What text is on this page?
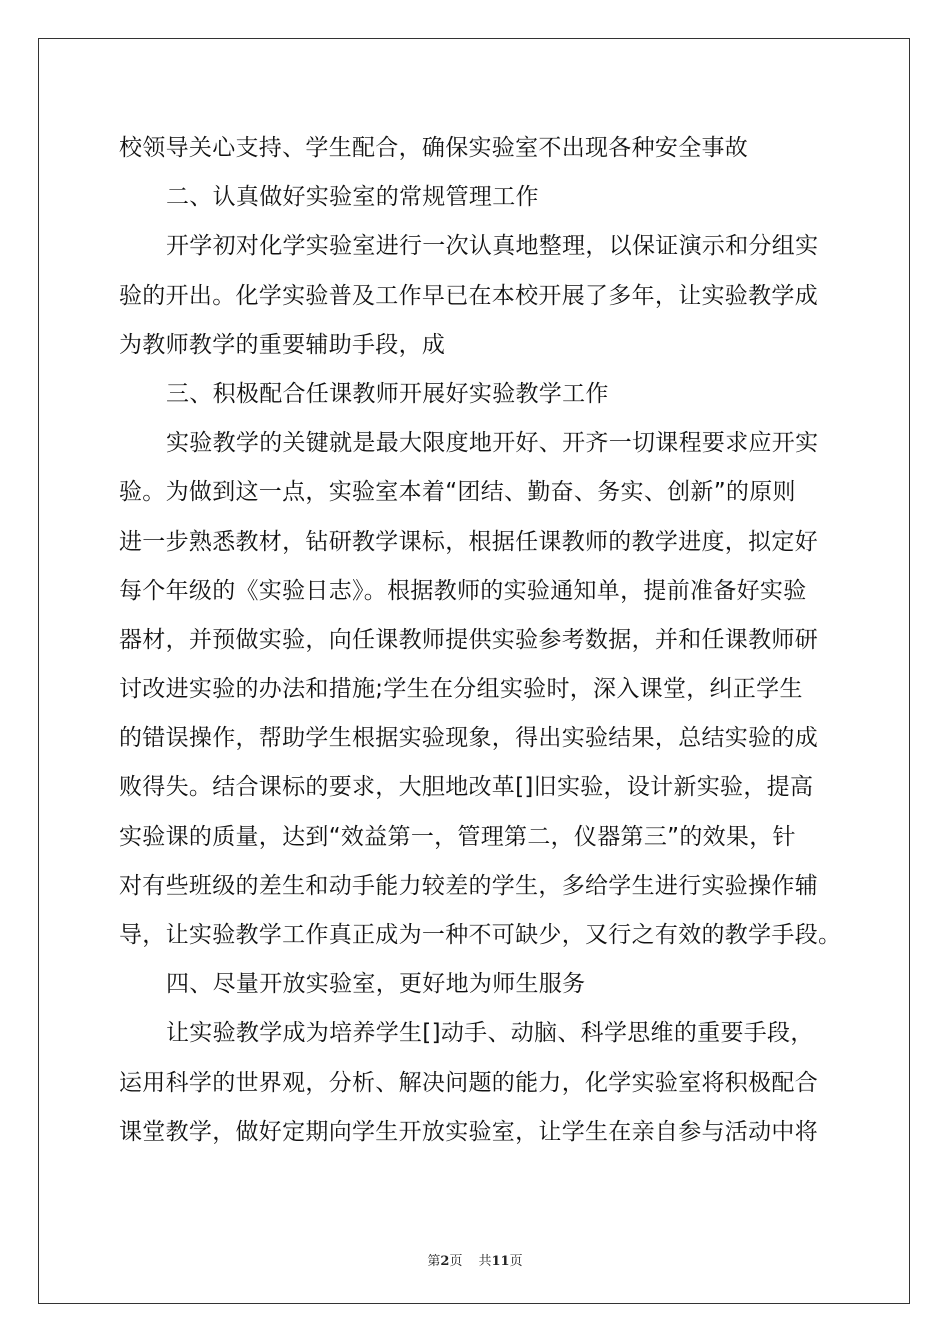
校领导关心支持、学生配合，确保实验室不出现各种安全事故
二、认真做好实验室的常规管理工作
开学初对化学实验室进行一次认真地整理，以保证演示和分组实
验的开出。化学实验普及工作早已在本校开展了多年，让实验教学成
为教师教学的重要辅助手段，成
三、积极配合任课教师开展好实验教学工作
实验教学的关键就是最大限度地开好、开齐一切课程要求应开实
验。为做到这一点，实验室本着“团结、勤奋、务实、创新”的原则
进一步熟悉教材，钻研教学课标，根据任课教师的教学进度，拟定好
每个年级的《实验日志》。根据教师的实验通知单，提前准备好实验
器材，并预做实验，向任课教师提供实验参考数据，并和任课教师研
讨改进实验的办法和措施;学生在分组实验时，深入课堂，纠正学生
的错误操作，帮助学生根据实验现象，得出实验结果，总结实验的成
败得失。结合课标的要求，大胆地改革[]旧实验，设计新实验，提高
实验课的质量，达到“效益第一，管理第二，仪器第三”的效果，针
对有些班级的差生和动手能力较差的学生，多给学生进行实验操作辅
导，让实验教学工作真正成为一种不可缺少，又行之有效的教学手段。
四、尽量开放实验室，更好地为师生服务
让实验教学成为培养学生[]动手、动脑、科学思维的重要手段，
运用科学的世界观，分析、解决问题的能力，化学实验室将积极配合
课堂教学，做好定期向学生开放实验室，让学生在亲自参与活动中将
第2页 共11页
